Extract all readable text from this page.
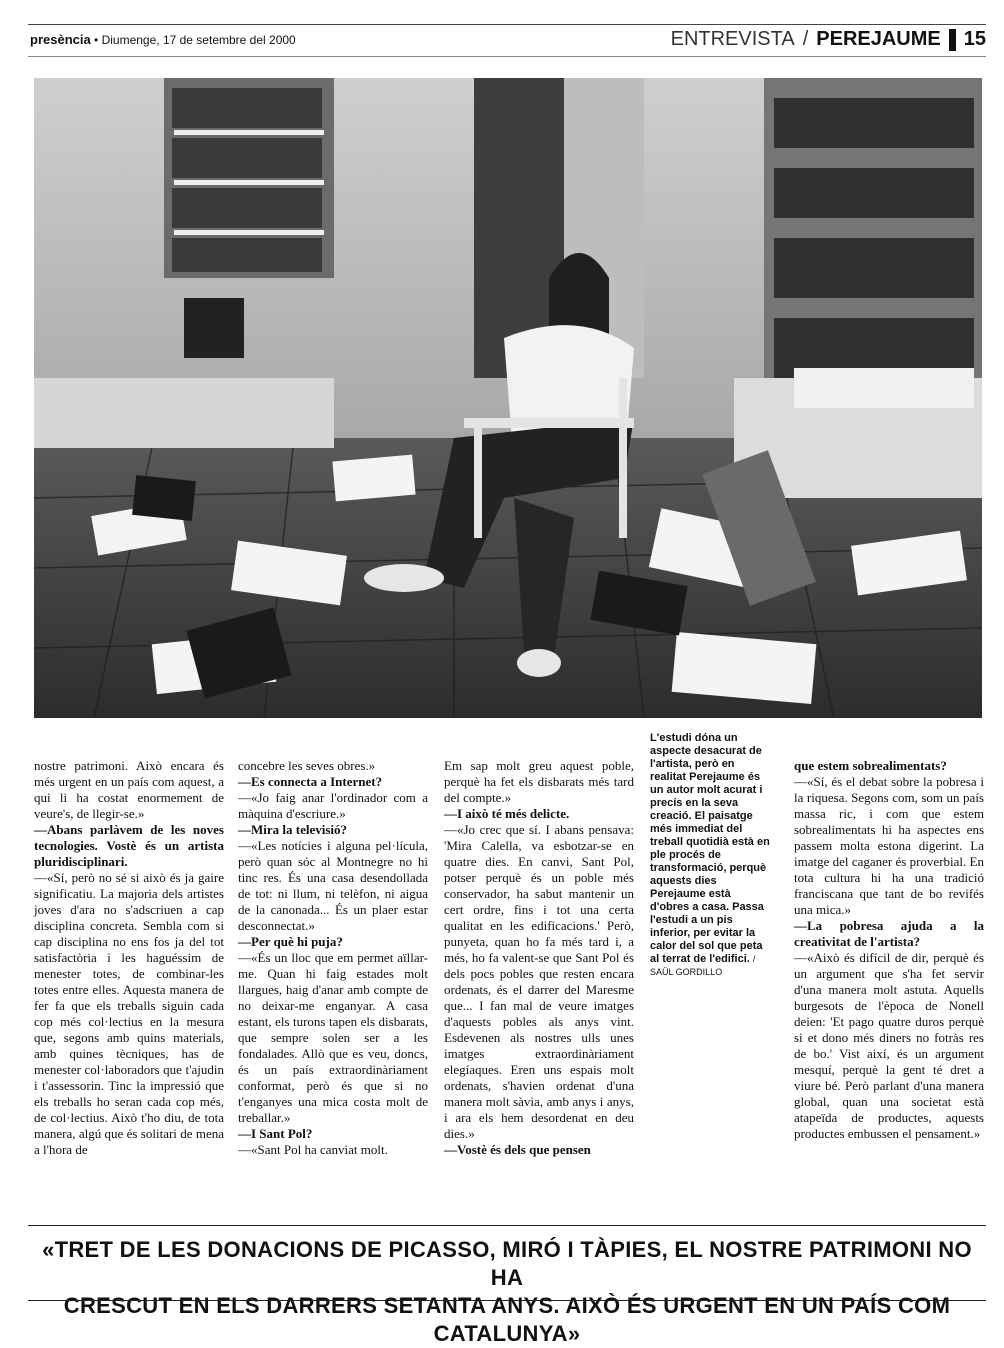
presència • Diumenge, 17 de setembre del 2000	ENTREVISTA / PEREJAUME 15
L'estudi dóna un aspecte desacurat de l'artista, però en realitat Perejaume és un autor molt acurat i precís en la seva creació. El paisatge més immediat del treball quotidià està en ple procés de transformació, perquè aquests dies Perejaume està d'obres a casa. Passa l'estudi a un pis inferior, per evitar la calor del sol que peta al terrat de l'edifici. / SAÜL GORDILLO

nostre patrimoni. Això encara és més urgent en un país com aquest, a qui li ha costat enormement de veure's, de llegir-se.»

—Abans parlàvem de les noves tecnologies. Vostè és un artista pluridisciplinari.

—«Sí, però no sé si això és ja gaire significatiu. La majoria dels artistes joves d'ara no s'adscriuen a cap disciplina concreta. Sembla com si cap disciplina no ens fos ja del tot satisfactòria i les haguéssim de menester totes, de combinar-les totes entre elles. Aquesta manera de fer fa que els treballs siguin cada cop més col·lectius en la mesura que, segons amb quins materials, amb quines tècniques, has de menester col·laboradors que t'ajudin i t'assessorin. Tinc la impressió que els treballs ho seran cada cop més, de col·lectius. Això t'ho diu, de tota manera, algú que és solitari de mena a l'hora de

concebre les seves obres.»

—Es connecta a Internet?

—«Jo faig anar l'ordinador com a màquina d'escriure.»

—Mira la televisió?

—«Les notícies i alguna pel·lícula, però quan sóc al Montnegre no hi tinc res. És una casa desendollada de tot: ni llum, ni telèfon, ni aigua de la canonada... És un plaer estar desconnectat.»

—Per què hi puja?

—«És un lloc que em permet aïllar-me. Quan hi faig estades molt llargues, haig d'anar amb compte de no deixar-me enganyar. A casa estant, els turons tapen els disbarats, que sempre solen ser a les fondalades. Allò que es veu, doncs, és un país extraordinàriament conformat, però és que si no t'enganyes una mica costa molt de treballar.»

—I Sant Pol?

—«Sant Pol ha canviat molt.

Em sap molt greu aquest poble, perquè ha fet els disbarats més tard del compte.»

—I això té més delicte.

—«Jo crec que sí. I abans pensava: 'Mira Calella, va esbotzar-se en quatre dies. En canvi, Sant Pol, potser perquè és un poble més conservador, ha sabut mantenir un cert ordre, fins i tot una certa qualitat en les edificacions.' Però, punyeta, quan ho fa més tard i, a més, ho fa valent-se que Sant Pol és dels pocs pobles que resten encara ordenats, és el darrer del Maresme que... I fan mal de veure imatges d'aquests pobles als anys vint. Esdevenen als nostres ulls unes imatges extraordinàriament elegíaques. Eren uns espais molt ordenats, s'havien ordenat d'una manera molt sàvia, amb anys i anys, i ara els hem desordenat en deu dies.»

—Vostè és dels que pensen

que estem sobrealimentats?

—«Sí, és el debat sobre la pobresa i la riquesa. Segons com, som un país massa ric, i com que estem sobrealimentats hi ha aspectes ens passem molta estona digerint. La imatge del caganer és proverbial. En tota cultura hi ha una tradició franciscana que tant de bo revifés una mica.»

—La pobresa ajuda a la creativitat de l'artista?

—«Això és difícil de dir, perquè és un argument que s'ha fet servir d'una manera molt astuta. Aquells burgesots de l'època de Nonell deien: 'Et pago quatre duros perquè si et dono més diners no fotràs res de bo.' Vist així, és un argument mesquí, perquè la gent té dret a viure bé. Però parlant d'una manera global, quan una societat està atapeïda de productes, aquests productes embussen el pensament.»

«TRET DE LES DONACIONS DE PICASSO, MIRÓ I TÀPIES, EL NOSTRE PATRIMONI NO HA
CRESCUT EN ELS DARRERS SETANTA ANYS. AIXÒ ÉS URGENT EN UN PAÍS COM CATALUNYA»
